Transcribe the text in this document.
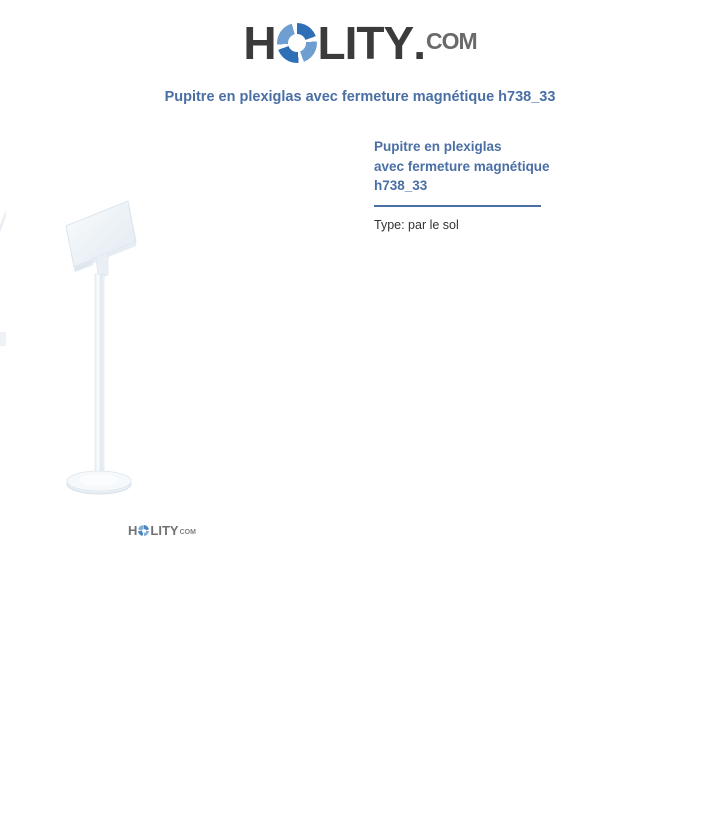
H LITY . COM
Pupitre en plexiglas avec fermeture magnétique h738_33
H LITY COM
Pupitre en plexiglas
avec fermeture magnétique
h738_33
Type: par le sol
